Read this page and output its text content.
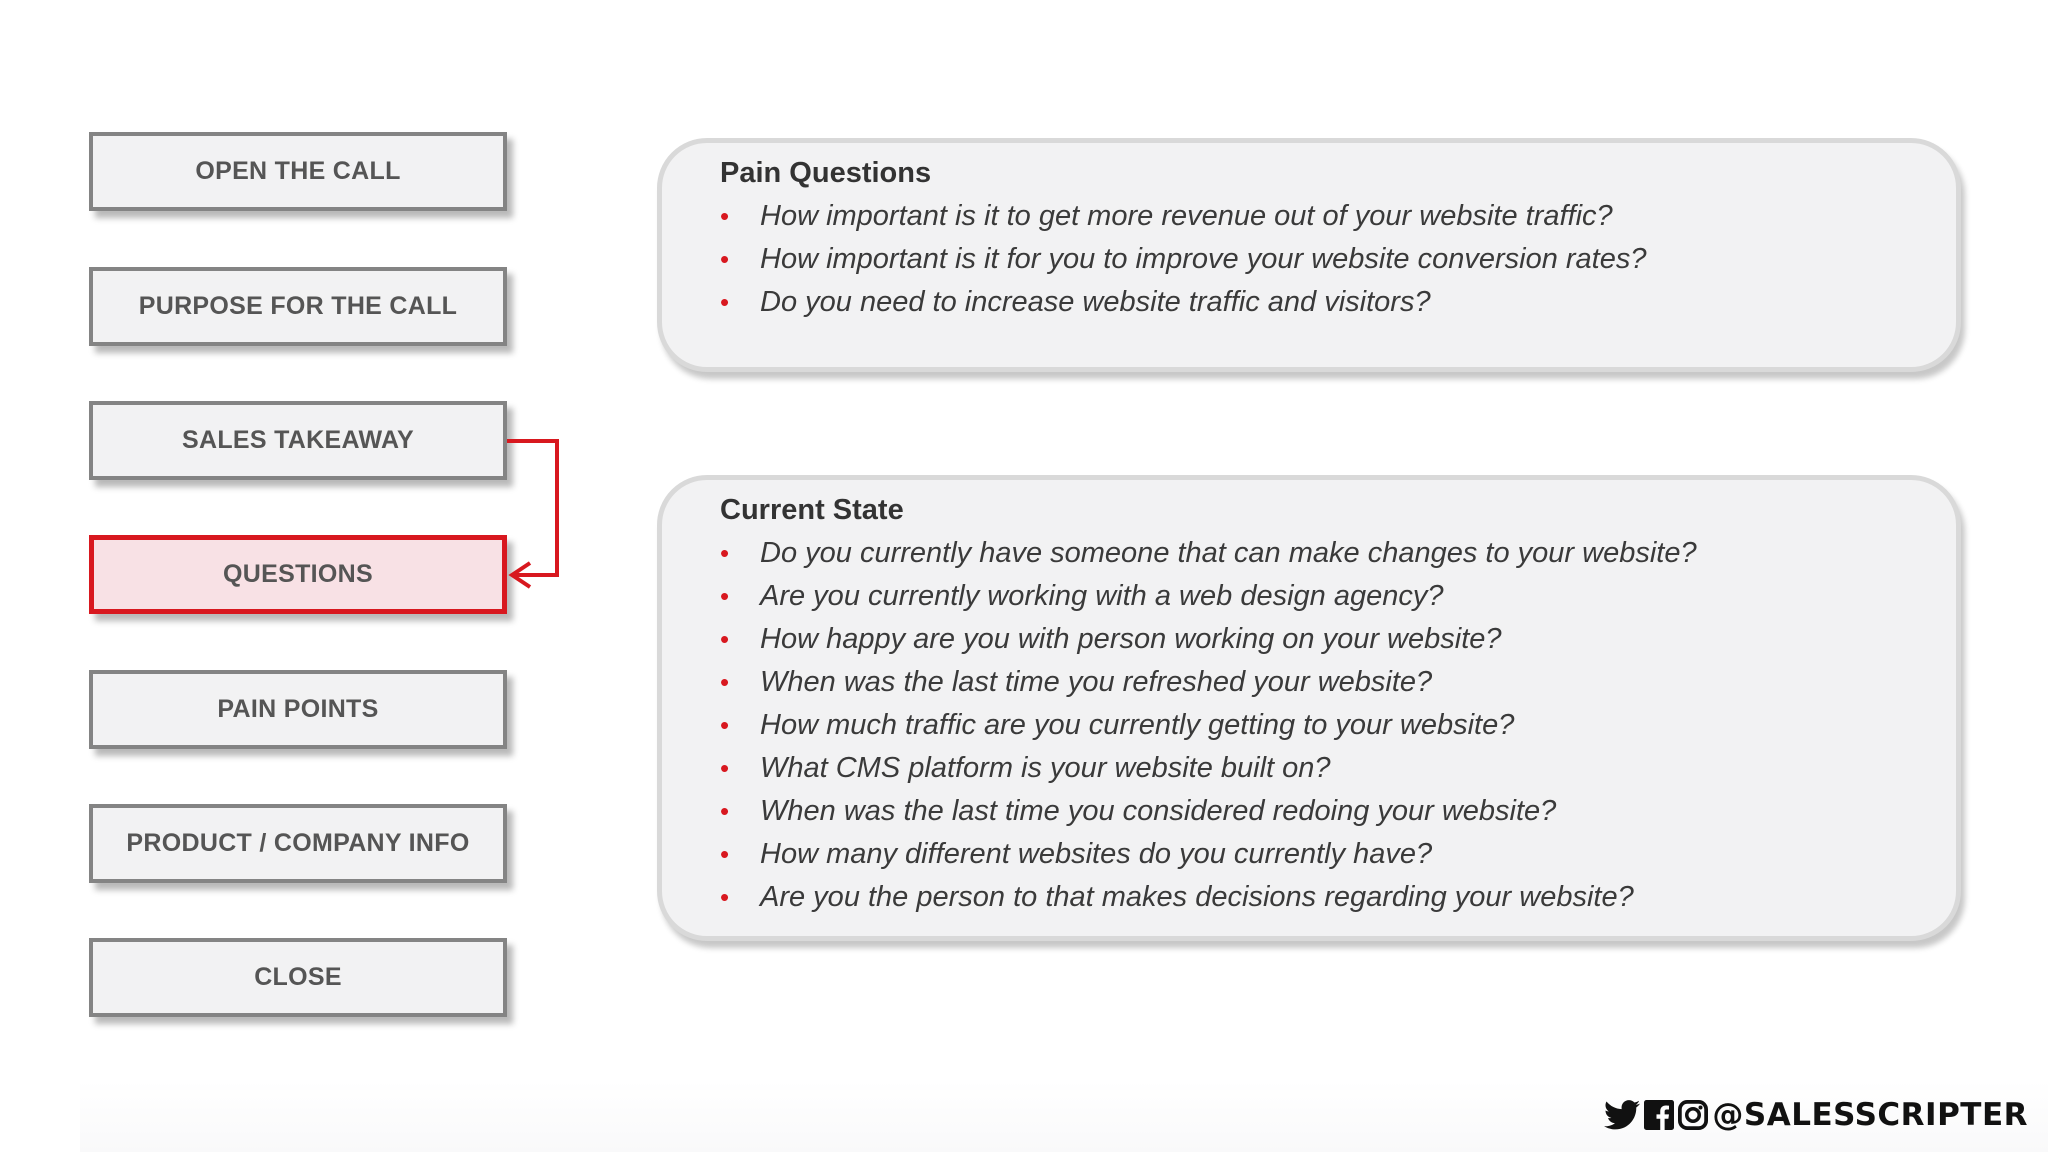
OPEN THE CALL
PURPOSE FOR THE CALL
SALES TAKEAWAY
QUESTIONS
PAIN POINTS
PRODUCT / COMPANY INFO
CLOSE
Pain Questions
• How important is it to get more revenue out of your website traffic?
• How important is it for you to improve your website conversion rates?
• Do you need to increase website traffic and visitors?
Current State
• Do you currently have someone that can make changes to your website?
• Are you currently working with a web design agency?
• How happy are you with person working on your website?
• When was the last time you refreshed your website?
• How much traffic are you currently getting to your website?
• What CMS platform is your website built on?
• When was the last time you considered redoing your website?
• How many different websites do you currently have?
• Are you the person to that makes decisions regarding your website?
@SALESSCRIPTER
